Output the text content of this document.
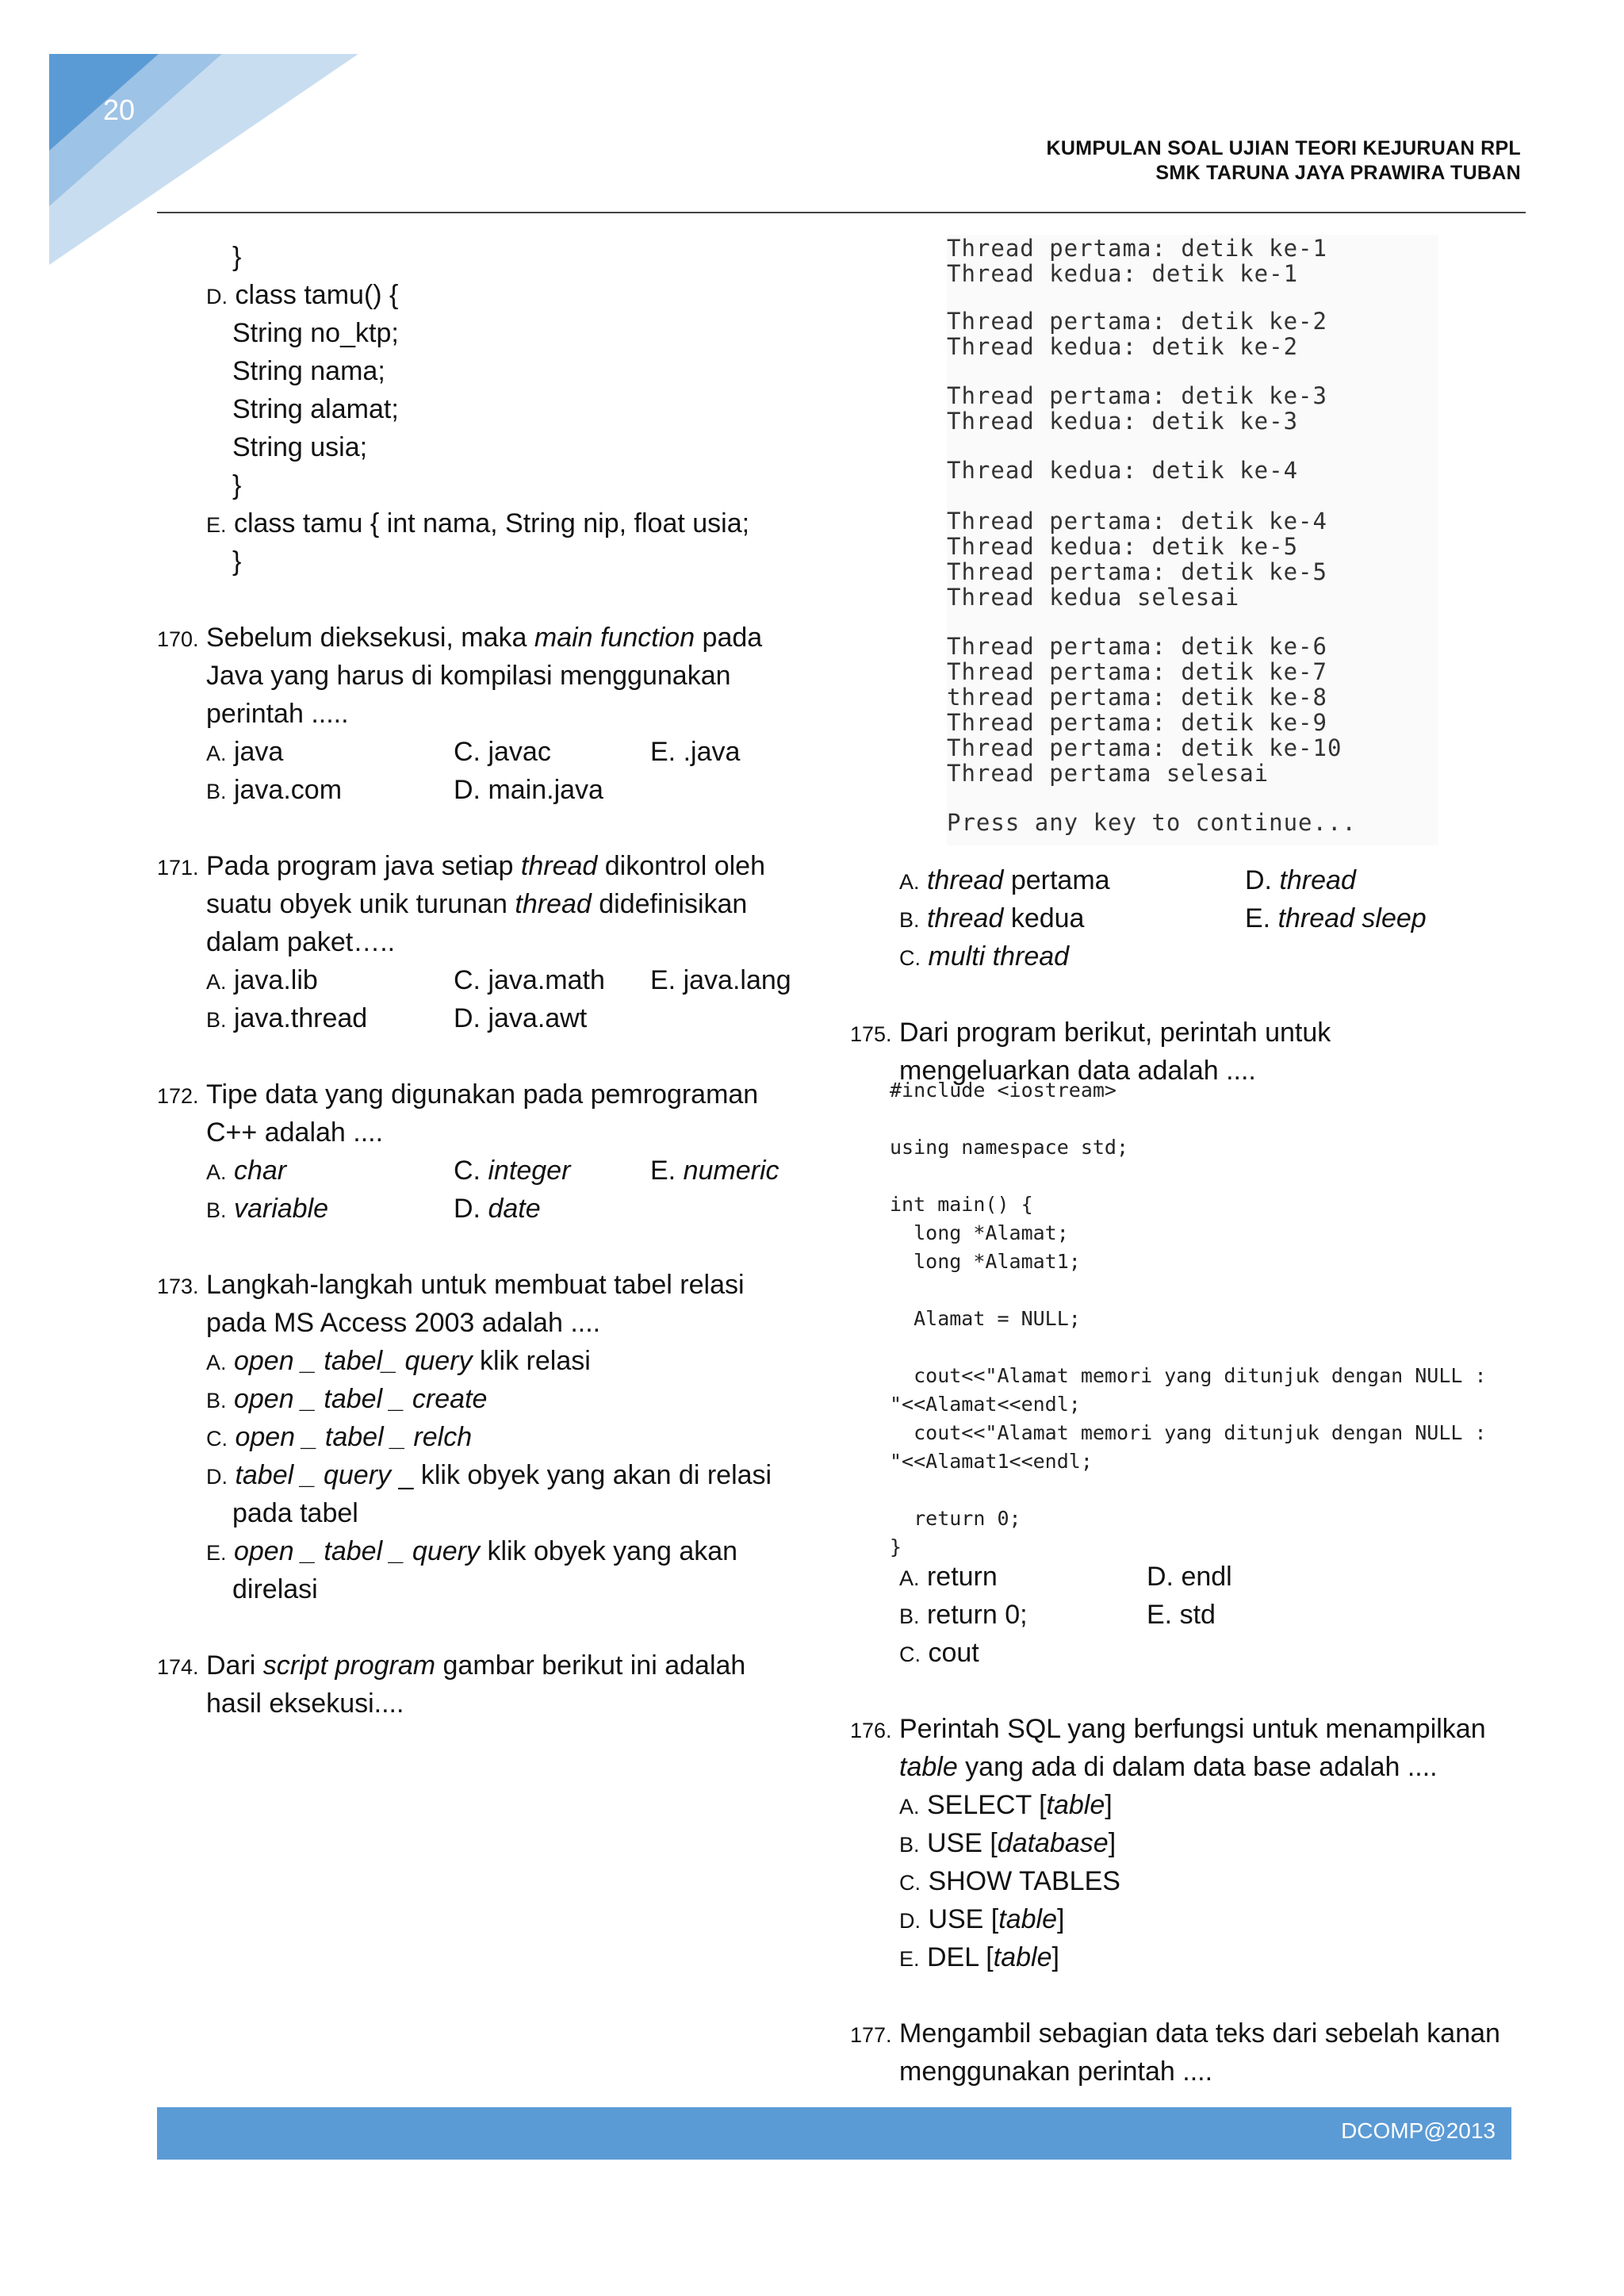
20
KUMPULAN SOAL UJIAN TEORI KEJURUAN RPL
SMK TARUNA JAYA PRAWIRA TUBAN
}
D. class tamu() {
String no_ktp;
String nama;
String alamat;
String usia;
}
E. class tamu { int nama, String nip, float usia;
}
170. Sebelum dieksekusi, maka main function pada
Java yang harus di kompilasi menggunakan
perintah .....
A. java	C. javac	E. .java
B. java.com	D. main.java
171. Pada program java setiap thread dikontrol oleh
suatu obyek unik turunan thread didefinisikan
dalam paket…..
A. java.lib	C. java.math	E. java.lang
B. java.thread	D. java.awt
172. Tipe data yang digunakan pada pemrograman
C++ adalah ....
A. char	C. integer	E. numeric
B. variable	D. date
173. Langkah-langkah untuk membuat tabel relasi
pada MS Access 2003 adalah ....
A. open _ tabel_ query klik relasi
B. open _ tabel _ create
C. open _ tabel _ relch
D. tabel _ query _ klik obyek yang akan di relasi
pada tabel
E. open _ tabel _ query klik obyek yang akan
direlasi
174. Dari script program gambar berikut ini adalah
hasil eksekusi....
Thread pertama: detik ke-1
Thread kedua: detik ke-1
Thread pertama: detik ke-2
Thread kedua: detik ke-2
Thread pertama: detik ke-3
Thread kedua: detik ke-3
Thread kedua: detik ke-4
Thread pertama: detik ke-4
Thread kedua: detik ke-5
Thread pertama: detik ke-5
Thread kedua selesai
Thread pertama: detik ke-6
Thread pertama: detik ke-7
thread pertama: detik ke-8
Thread pertama: detik ke-9
Thread pertama: detik ke-10
Thread pertama selesai
Press any key to continue...
A. thread pertama	D. thread
B. thread kedua	E. thread sleep
C. multi thread
175. Dari program berikut, perintah untuk
mengeluarkan data adalah ....
#include <iostream>
using namespace std;
int main() {
long *Alamat;
long *Alamat1;
Alamat = NULL;
cout<<"Alamat memori yang ditunjuk dengan NULL :
"<<Alamat<<endl;
cout<<"Alamat memori yang ditunjuk dengan NULL :
"<<Alamat1<<endl;
return 0;
}
A. return	D. endl
B. return 0;	E. std
C. cout
176. Perintah SQL yang berfungsi untuk menampilkan
table yang ada di dalam data base adalah ....
A. SELECT [table]
B. USE [database]
C. SHOW TABLES
D. USE [table]
E. DEL [table]
177. Mengambil sebagian data teks dari sebelah kanan
menggunakan perintah ....
DCOMP@2013
